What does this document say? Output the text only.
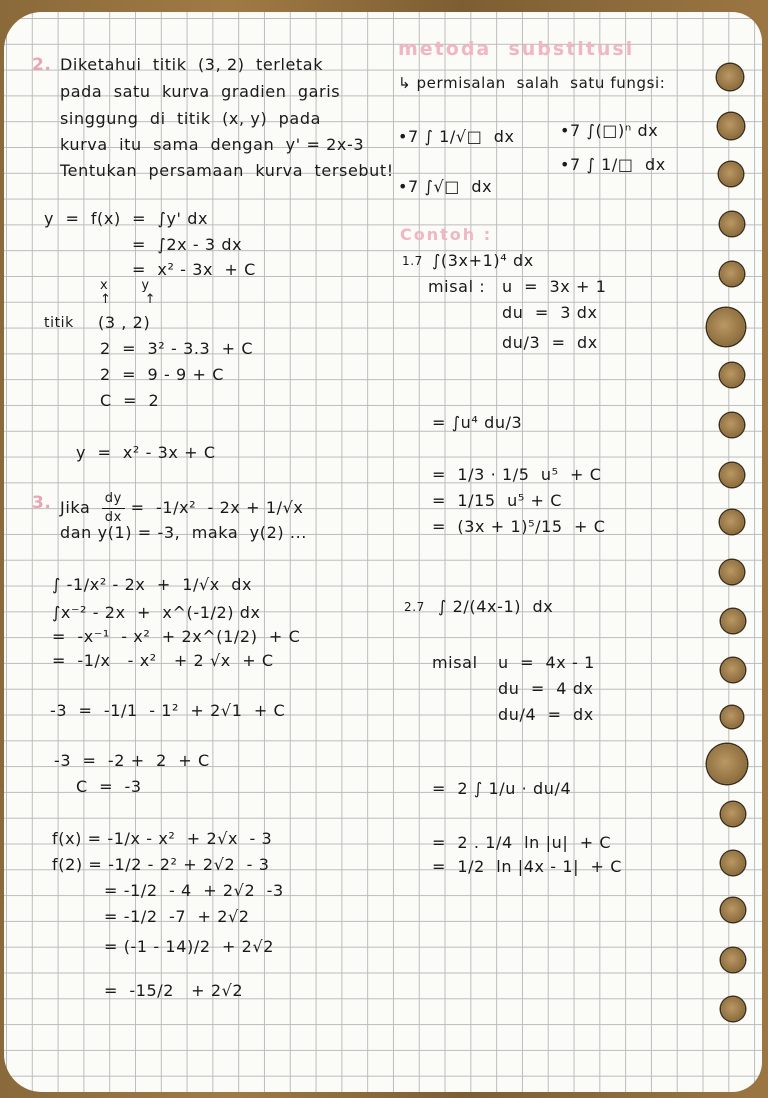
2. Diketahui  titik  (3, 2)  terletak
pada  satu  kurva  gradien  garis
singgung  di  titik  (x, y)  pada
kurva  itu  sama  dengan  y' = 2x-3
Tentukan  persamaan  kurva  tersebut!
y  =  f(x)  =  ∫y' dx
=  ∫2x - 3 dx
=  x² - 3x  + C
x       y
↑       ↑
titik (3 , 2)
2  =  3² - 3.3  + C
2  =  9 - 9 + C
C  =  2
y  =  x² - 3x + C
3. Jika $\frac{dy}{dx} = -1/x^2 - 2x + 1/√x$
dan y(1) = -3,  maka  y(2) ...
∫ -1/x² - 2x  +  1/√x  dx
∫x⁻² - 2x  +  x^(-1/2) dx
=  -x⁻¹  - x²  + 2x^(1/2)  + C
=  -1/x   - x²   + 2 √x  + C
-3  =  -1/1  - 1²  + 2√1  + C
-3  =  -2 +  2  + C
C  =  -3
f(x) = -1/x - x²  + 2√x  - 3
f(2) = -1/2 - 2² + 2√2  - 3
= -1/2  - 4  + 2√2  -3
= -1/2  -7  + 2√2
= (-1 - 14)/2  + 2√2
=  -15/2   + 2√2
metoda  substitusi
↳ permisalan  salah  satu fungsi:
•7 ∫ 1/√□  dx	•7 ∫(□)ⁿ dx
•7 ∫ 1/□  dx
•7 ∫√□  dx
Contoh :
1.7 ∫(3x+1)⁴ dx
misal : u  =  3x + 1
du  =  3 dx
du/3  =  dx
= ∫u⁴ du/3
=  1/3 · 1/5  u⁵  + C
=  1/15  u⁵ + C
=  (3x + 1)⁵/15  + C
2.7 ∫ 2/(4x-1)  dx
misal u  =  4x - 1
du  =  4 dx
du/4  =  dx
=  2 ∫ 1/u · du/4
=  2 . 1/4  ln |u|  + C
=  1/2  ln |4x - 1|  + C
